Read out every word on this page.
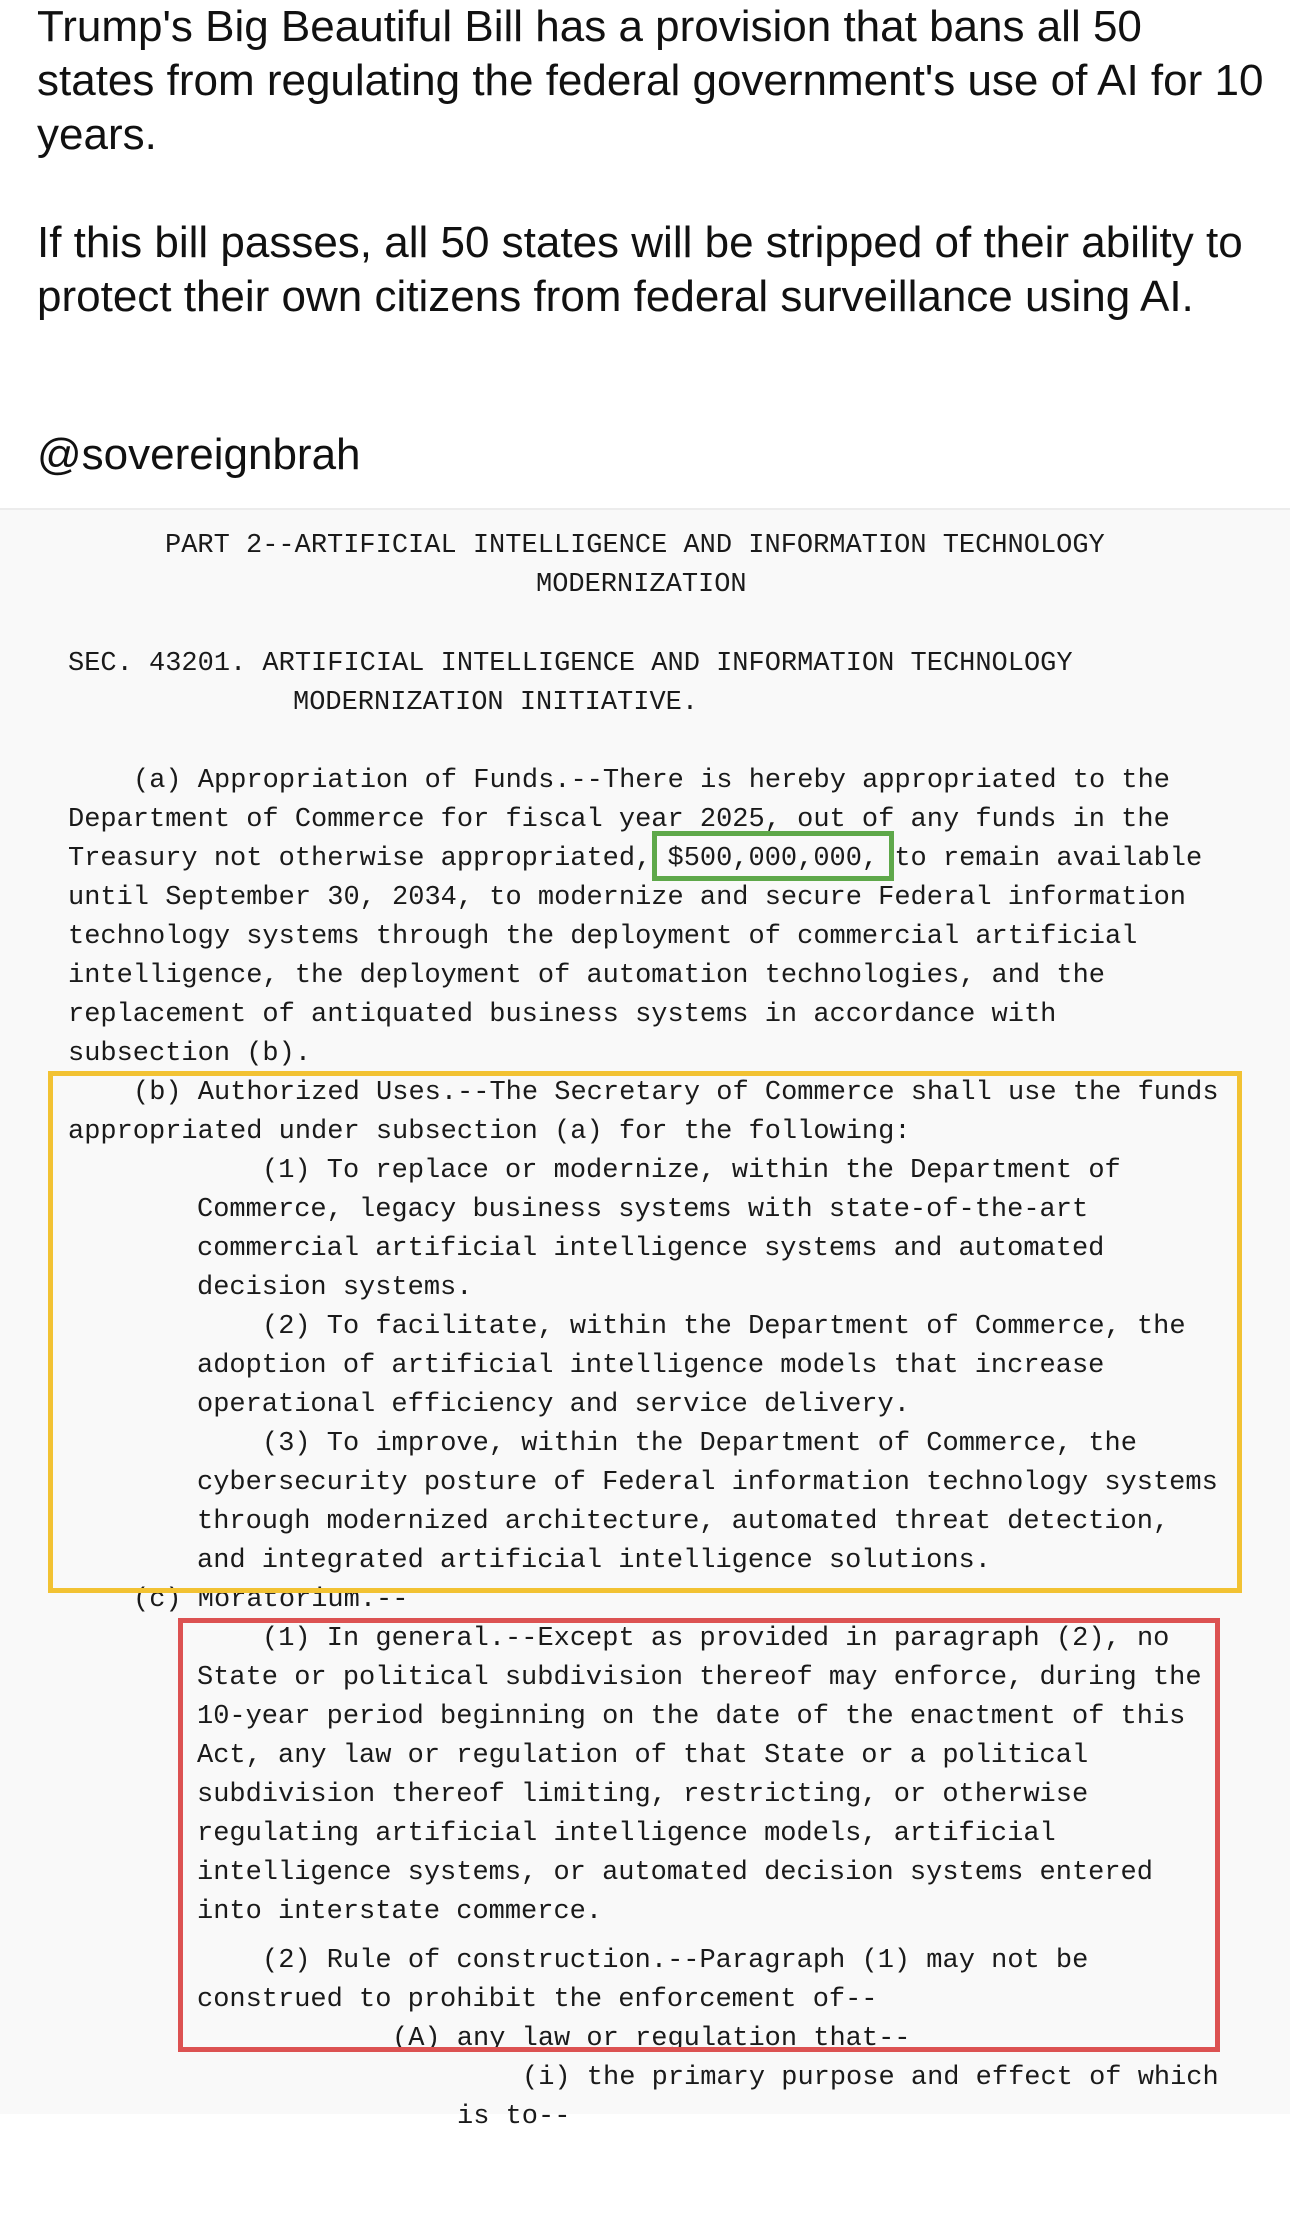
Trump's Big Beautiful Bill has a provision that bans all 50 states from regulating the federal government's use of AI for 10 years.
If this bill passes, all 50 states will be stripped of their ability to protect their own citizens from federal surveillance using AI.
@sovereignbrah

PART 2--ARTIFICIAL INTELLIGENCE AND INFORMATION TECHNOLOGY

MODERNIZATION

SEC. 43201. ARTIFICIAL INTELLIGENCE AND INFORMATION TECHNOLOGY

MODERNIZATION INITIATIVE.

(a) Appropriation of Funds.--There is hereby appropriated to the

Department of Commerce for fiscal year 2025, out of any funds in the

Treasury not otherwise appropriated, $500,000,000, to remain available

until September 30, 2034, to modernize and secure Federal information

technology systems through the deployment of commercial artificial

intelligence, the deployment of automation technologies, and the

replacement of antiquated business systems in accordance with

subsection (b).

(b) Authorized Uses.--The Secretary of Commerce shall use the funds

appropriated under subsection (a) for the following:

(1) To replace or modernize, within the Department of

Commerce, legacy business systems with state-of-the-art

commercial artificial intelligence systems and automated

decision systems.

(2) To facilitate, within the Department of Commerce, the

adoption of artificial intelligence models that increase

operational efficiency and service delivery.

(3) To improve, within the Department of Commerce, the

cybersecurity posture of Federal information technology systems

through modernized architecture, automated threat detection,

and integrated artificial intelligence solutions.

(c) Moratorium.--

(1) In general.--Except as provided in paragraph (2), no

State or political subdivision thereof may enforce, during the

10-year period beginning on the date of the enactment of this

Act, any law or regulation of that State or a political

subdivision thereof limiting, restricting, or otherwise

regulating artificial intelligence models, artificial

intelligence systems, or automated decision systems entered

into interstate commerce.

(2) Rule of construction.--Paragraph (1) may not be

construed to prohibit the enforcement of--

(A) any law or regulation that--

(i) the primary purpose and effect of which

is to--
